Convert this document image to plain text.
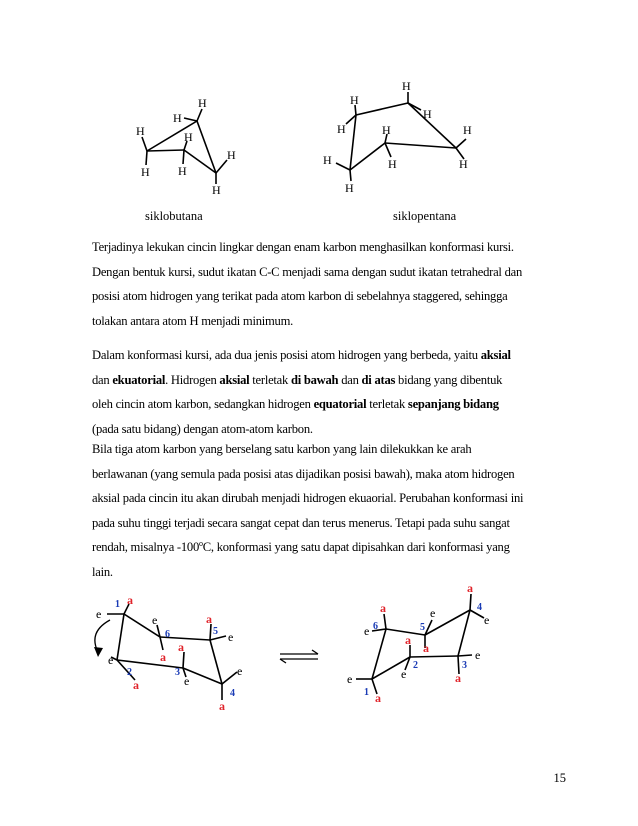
H
H
H
H
H
H
H
H
H
H
H
H	H	H
H	H	H
H
siklobutana	siklopentana

Terjadinya lekukan cincin lingkar dengan enam karbon menghasilkan konformasi kursi.
Dengan bentuk kursi, sudut ikatan C-C menjadi sama dengan sudut ikatan tetrahedral dan
posisi atom hidrogen yang terikat pada atom karbon di sebelahnya staggered, sehingga
tolakan antara atom H menjadi minimum.

Dalam konformasi kursi, ada dua jenis posisi atom hidrogen yang berbeda, yaitu aksial
dan ekuatorial. Hidrogen aksial terletak di bawah dan di atas bidang yang dibentuk
oleh cincin atom karbon, sedangkan hidrogen equatorial terletak sepanjang bidang
(pada satu bidang) dengan atom-atom karbon.

Bila tiga atom karbon yang berselang satu karbon yang lain dilekukkan ke arah
berlawanan (yang semula pada posisi atas dijadikan posisi bawah), maka atom hidrogen
aksial pada cincin itu akan dirubah menjadi hidrogen ekuaorial. Perubahan konformasi ini
pada suhu tinggi terjadi secara sangat cepat dan terus menerus. Tetapi pada suhu sangat
rendah, misalnya -100$^o$C, konformasi yang satu dapat dipisahkan dari konformasi yang
lain.

a
a
a
a
a
a
e	e
e
e
e
e
1
2	3
4
5
6
a
a
a
a
a
a
e	e
e
e
e
e
1
2	3
4
5
6
15
